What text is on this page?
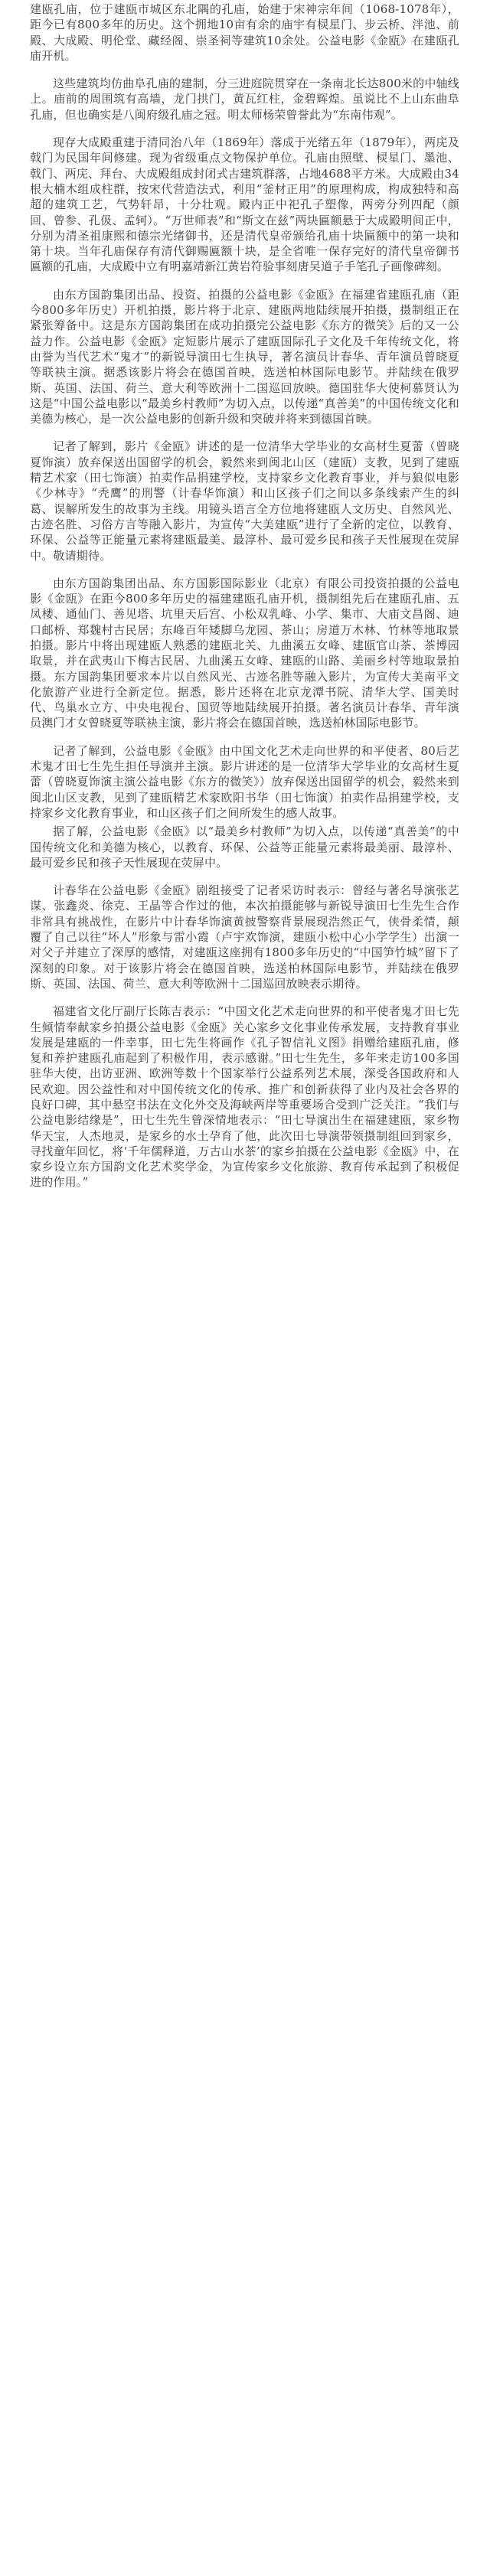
建瓯孔庙，位于建瓯市城区东北隅的孔庙，始建于宋神宗年间（1068-1078年），距今已有800多年的历史。这个拥地10亩有余的庙宇有棂星门、步云桥、泮池、前殿、大成殿、明伦堂、藏经阁、崇圣祠等建筑10余处。公益电影《金瓯》在建瓯孔庙开机。

这些建筑均仿曲阜孔庙的建制，分三进庭院贯穿在一条南北长达800米的中轴线上。庙前的周围筑有高墙，龙门拱门，黄瓦红柱，金碧辉煌。虽说比不上山东曲阜孔庙，但也确实是八闽府级孔庙之冠。明太师杨荣曾誉此为“东南伟观”。

现存大成殿重建于清同治八年（1869年）落成于光绪五年（1879年），两庑及戟门为民国年间修建。现为省级重点文物保护单位。孔庙由照壁、棂星门、墨池、戟门、两庑、拜台、大成殿组成封闭式古建筑群落，占地4688平方米。大成殿由34根大楠木组成柱群，按宋代营造法式，利用“釜材正用”的原理构成，构成独特和高超的建筑工艺，气势轩昂，十分壮观。殿内正中祀孔子塑像，两旁分列四配（颜回、曾参、孔伋、孟轲）。“万世师表”和“斯文在兹”两块匾额悬于大成殿明间正中，分别为清圣祖康熙和德宗光绪御书，还是清代皇帝颁给孔庙十块匾额中的第一块和第十块。当年孔庙保存有清代御赐匾额十块，是全省唯一保存完好的清代皇帝御书匾额的孔庙，大成殿中立有明嘉靖新江黄岩符验事刻唐吴道子手笔孔子画像碑刻。

由东方国韵集团出品、投资、拍摄的公益电影《金瓯》在福建省建瓯孔庙（距今800多年历史）开机拍摄，影片将于北京、建瓯两地陆续展开拍摄，摄制组正在紧张筹备中。这是东方国韵集团在成功拍摄完公益电影《东方的微笑》后的又一公益力作。公益电影《金瓯》定短影片展示了建瓯国际孔子文化及千年传统文化，将由誉为当代艺术“鬼才”的新锐导演田七生执导，著名演员计春华、青年演员曾晓夏等联袂主演。据悉该影片将会在德国首映，选送柏林国际电影节。并陆续在俄罗斯、英国、法国、荷兰、意大利等欧洲十二国巡回放映。德国驻华大使柯慕贤认为这是“中国公益电影以“最美乡村教师”为切入点，以传递“真善美”的中国传统文化和美德为核心，是一次公益电影的创新升级和突破并将来到德国首映。

记者了解到，影片《金瓯》讲述的是一位清华大学毕业的女高材生夏蕾（曾晓夏饰演）放弃保送出国留学的机会，毅然来到闽北山区（建瓯）支教，见到了建瓯精艺术家（田七饰演）拍卖作品捐建学校，支持家乡文化教育事业，并与狼似电影《少林寺》“秃鹰”的刑警（计春华饰演）和山区孩子们之间以多条线索产生的纠葛、误解所发生的故事为主线。用镜头语言全方位地将建瓯人文历史、自然风光、古迹名胜、习俗方言等融入影片，为宣传“大美建瓯”进行了全新的定位，以教育、环保、公益等正能量元素将建瓯最美、最淳朴、最可爱乡民和孩子天性展现在荧屏中。敬请期待。

由东方国韵集团出品、东方国影国际影业（北京）有限公司投资拍摄的公益电影《金瓯》在距今800多年历史的福建建瓯孔庙开机，摄制组先后在建瓯孔庙、五凤楼、通仙门、善见塔、坑里天后宫、小松双乳峰、小学、集市、大庙文昌阁、迪口邮桥、郑魏村古民居；东峰百年矮脚乌龙园、茶山；房道万木林、竹林等地取景拍摄。影片中将出现建瓯人熟悉的建瓯北关、九曲溪五女峰、建瓯官山茶、茶博园取景，并在武夷山下梅古民居、九曲溪五女峰、建瓯的山路、美丽乡村等地取景拍摄。东方国韵集团要求本片以自然风光、古迹名胜等融入影片，为宣传大美南平文化旅游产业进行全新定位。据悉，影片还将在北京龙潭书院、清华大学、国美时代、鸟巢水立方、中央电视台、国贸等地陆续展开拍摄。著名演员计春华、青年演员澳门才女曾晓夏等联袂主演，影片将会在德国首映，选送柏林国际电影节。

记者了解到，公益电影《金瓯》由中国文化艺术走向世界的和平使者、80后艺术鬼才田七生先生担任导演并主演。影片讲述的是一位清华大学毕业的女高材生夏蕾（曾晓夏饰演主演公益电影《东方的微笑》）放弃保送出国留学的机会，毅然来到闽北山区支教，见到了建瓯精艺术家欧阳书华（田七饰演）拍卖作品捐建学校，支持家乡文化教育事业，和山区孩子们之间所发生的感人故事。

据了解，公益电影《金瓯》以“最美乡村教师”为切入点，以传递“真善美”的中国传统文化和美德为核心，以教育、环保、公益等正能量元素将最美丽、最淳朴、最可爱乡民和孩子天性展现在荧屏中。

计春华在公益电影《金瓯》剧组接受了记者采访时表示：曾经与著名导演张艺谋、张鑫炎、徐克、王晶等合作过的他，本次拍摄能够与新锐导演田七生先生合作非常具有挑战性，在影片中计春华饰演黄披警察背景展现浩然正气，侠骨柔情，颠覆了自己以往“坏人”形象与雷小霞（卢宇欢饰演，建瓯小松中心小学学生）出演一对父子并建立了深厚的感情，对建瓯这座拥有1800多年历史的“中国笋竹城”留下了深刻的印象。对于该影片将会在德国首映，选送柏林国际电影节，并陆续在俄罗斯、英国、法国、荷兰、意大利等欧洲十二国巡回放映表示期待。

福建省文化厅副厅长陈吉表示：“中国文化艺术走向世界的和平使者鬼才田七先生倾情奉献家乡拍摄公益电影《金瓯》关心家乡文化事业传承发展，支持教育事业发展是建瓯的一件幸事，田七先生将画作《孔子智信礼义图》捐赠给建瓯孔庙，修复和养护建瓯孔庙起到了积极作用，表示感谢。”田七生先生，多年来走访100多国驻华大使，出访亚洲、欧洲等数十个国家举行公益系列艺术展，深受各国政府和人民欢迎。因公益性和对中国传统文化的传承、推广和创新获得了业内及社会各界的良好口碑，其中悬空书法在文化外交及海峡两岸等重要场合受到广泛关注。“我们与公益电影结缘是”，田七生先生曾深情地表示：“田七导演出生在福建建瓯，家乡物华天宝，人杰地灵，是家乡的水土孕育了他，此次田七导演带领摄制组回到家乡，寻找童年回忆，将‘千年儒释道，万古山水茶’的家乡拍摄在公益电影《金瓯》中，在家乡设立东方国韵文化艺术奖学金，为宣传家乡文化旅游、教育传承起到了积极促进的作用。”
